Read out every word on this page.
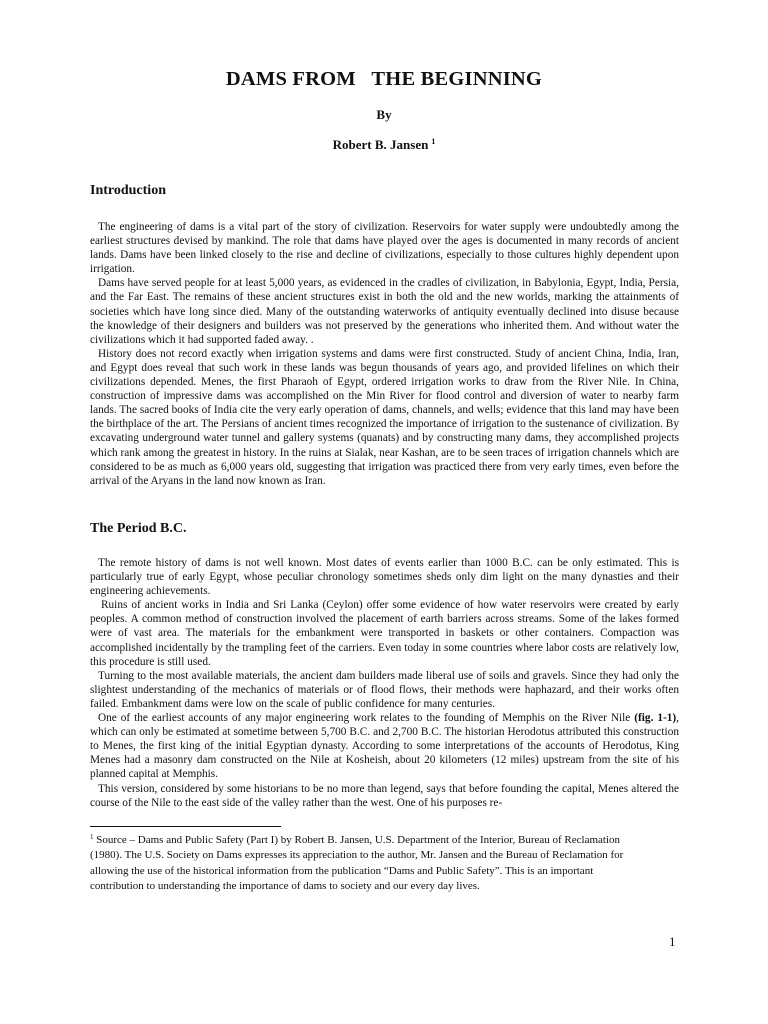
DAMS FROM   THE BEGINNING
By
Robert B. Jansen $^1$
Introduction

The engineering of dams is a vital part of the story of civilization. Reservoirs for water supply were undoubtedly among the earliest structures devised by mankind. The role that dams have played over the ages is documented in many records of ancient lands. Dams have been linked closely to the rise and decline of civilizations, especially to those cultures highly dependent upon irrigation.

Dams have served people for at least 5,000 years, as evidenced in the cradles of civilization, in Babylonia, Egypt, India, Persia, and the Far East. The remains of these ancient structures exist in both the old and the new worlds, marking the attainments of societies which have long since died. Many of the outstanding waterworks of antiquity eventually declined into disuse because the knowledge of their designers and builders was not preserved by the generations who inherited them. And without water the civilizations which it had supported faded away. .

History does not record exactly when irrigation systems and dams were first constructed. Study of ancient China, India, Iran, and Egypt does reveal that such work in these lands was begun thousands of years ago, and provided lifelines on which their civilizations depended. Menes, the first Pharaoh of Egypt, ordered irrigation works to draw from the River Nile. In China, construction of impressive dams was accomplished on the Min River for flood control and diversion of water to nearby farm lands. The sacred books of India cite the very early operation of dams, channels, and wells; evidence that this land may have been the birthplace of the art. The Persians of ancient times recognized the importance of irrigation to the sustenance of civilization. By excavating underground water tunnel and gallery systems (quanats) and by constructing many dams, they accomplished projects which rank among the greatest in history. In the ruins at Sialak, near Kashan, are to be seen traces of irrigation channels which are considered to be as much as 6,000 years old, suggesting that irrigation was practiced there from very early times, even before the arrival of the Aryans in the land now known as Iran.

The Period B.C.

The remote history of dams is not well known. Most dates of events earlier than 1000 B.C. can be only estimated. This is particularly true of early Egypt, whose peculiar chronology sometimes sheds only dim light on the many dynasties and their engineering achievements.

Ruins of ancient works in India and Sri Lanka (Ceylon) offer some evidence of how water reservoirs were created by early peoples. A common method of construction involved the placement of earth barriers across streams. Some of the lakes formed were of vast area. The materials for the embankment were transported in baskets or other containers. Compaction was accomplished incidentally by the trampling feet of the carriers. Even today in some countries where labor costs are relatively low, this procedure is still used.

Turning to the most available materials, the ancient dam builders made liberal use of soils and gravels. Since they had only the slightest understanding of the mechanics of materials or of flood flows, their methods were haphazard, and their works often failed. Embankment dams were low on the scale of public confidence for many centuries.

One of the earliest accounts of any major engineering work relates to the founding of Memphis on the River Nile (fig. 1-1), which can only be estimated at sometime between 5,700 B.C. and 2,700 B.C. The historian Herodotus attributed this construction to Menes, the first king of the initial Egyptian dynasty. According to some interpretations of the accounts of Herodotus, King Menes had a masonry dam constructed on the Nile at Kosheish, about 20 kilometers (12 miles) upstream from the site of his planned capital at Memphis.

This version, considered by some historians to be no more than legend, says that before founding the capital, Menes altered the course of the Nile to the east side of the valley rather than the west. One of his purposes re-

$^1$ Source – Dams and Public Safety (Part I) by Robert B. Jansen, U.S. Department of the Interior, Bureau of Reclamation (1980). The U.S. Society on Dams expresses its appreciation to the author, Mr. Jansen and the Bureau of Reclamation for allowing the use of the historical information from the publication “Dams and Public Safety”. This is an important contribution to understanding the importance of dams to society and our every day lives.
1
